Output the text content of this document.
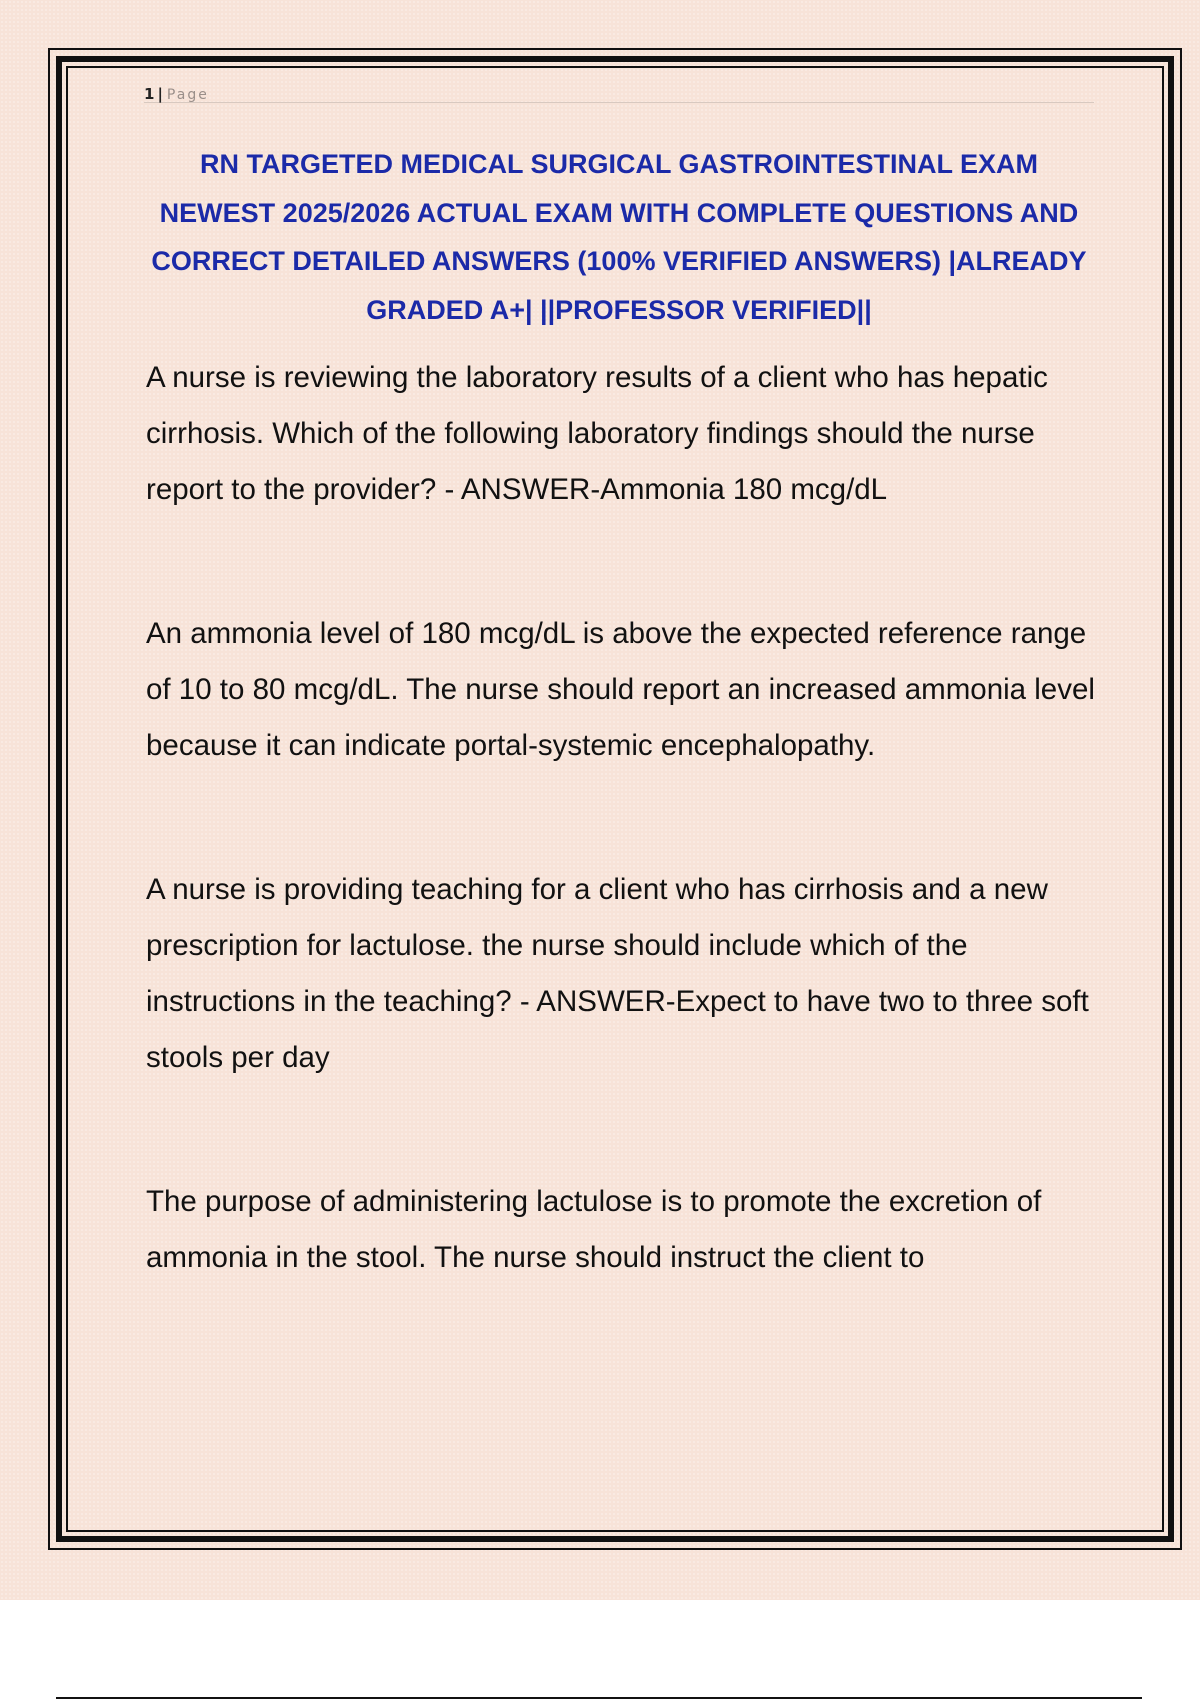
1 | Page
RN TARGETED MEDICAL SURGICAL GASTROINTESTINAL EXAM NEWEST 2025/2026 ACTUAL EXAM WITH COMPLETE QUESTIONS AND CORRECT DETAILED ANSWERS (100% VERIFIED ANSWERS) |ALREADY GRADED A+| ||PROFESSOR VERIFIED||

A nurse is reviewing the laboratory results of a client who has hepatic cirrhosis. Which of the following laboratory findings should the nurse report to the provider? - ANSWER-Ammonia 180 mcg/dL

An ammonia level of 180 mcg/dL is above the expected reference range of 10 to 80 mcg/dL. The nurse should report an increased ammonia level because it can indicate portal-systemic encephalopathy.

A nurse is providing teaching for a client who has cirrhosis and a new prescription for lactulose. the nurse should include which of the instructions in the teaching? - ANSWER-Expect to have two to three soft stools per day

The purpose of administering lactulose is to promote the excretion of ammonia in the stool. The nurse should instruct the client to
